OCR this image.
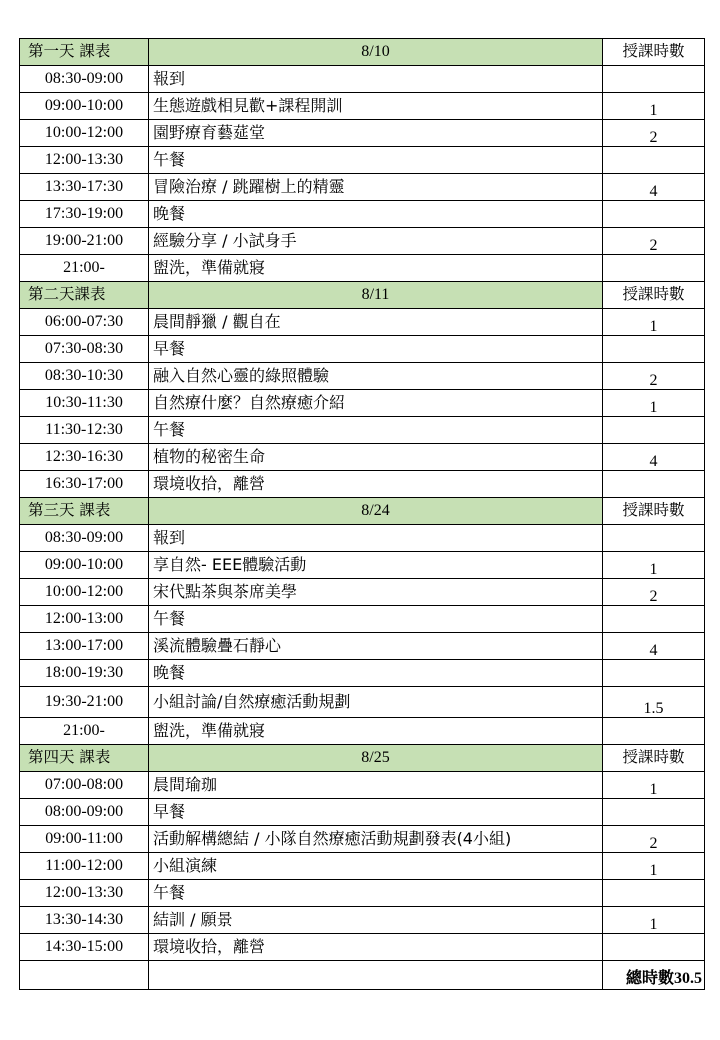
第一天 課表	8/10	授課時數
08:30-09:00	報到	
09:00-10:00	生態遊戲相見歡+課程開訓	1
10:00-12:00	園野療育藝莚堂	2
12:00-13:30	午餐	
13:30-17:30	冒險治療 / 跳躍樹上的精靈	4
17:30-19:00	晚餐	
19:00-21:00	經驗分享 / 小試身手	2
21:00-	盥洗，準備就寢	
第二天課表	8/11	授課時數
06:00-07:30	晨間靜獵 / 觀自在	1
07:30-08:30	早餐	
08:30-10:30	融入自然心靈的綠照體驗	2
10:30-11:30	自然療什麼？自然療癒介紹	1
11:30-12:30	午餐	
12:30-16:30	植物的秘密生命	4
16:30-17:00	環境收拾，離營	
第三天 課表	8/24	授課時數
08:30-09:00	報到	
09:00-10:00	享自然- EEE體驗活動	1
10:00-12:00	宋代點茶與茶席美學	2
12:00-13:00	午餐	
13:00-17:00	溪流體驗疊石靜心	4
18:00-19:30	晚餐	
19:30-21:00	小組討論/自然療癒活動規劃	1.5
21:00-	盥洗，準備就寢	
第四天 課表	8/25	授課時數
07:00-08:00	晨間瑜珈	1
08:00-09:00	早餐	
09:00-11:00	活動解構總結 / 小隊自然療癒活動規劃發表(4小組)	2
11:00-12:00	小組演練	1
12:00-13:30	午餐	
13:30-14:30	結訓 / 願景	1
14:30-15:00	環境收拾，離營	
		總時數30.5
